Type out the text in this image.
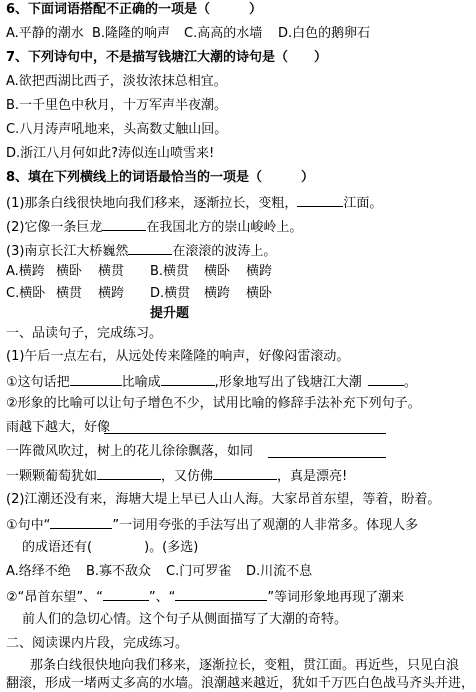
6、下面词语搭配不正确的一项是（　　　）
A.平静的潮水 B.隆隆的响声 C.高高的水墙 D.白色的鹅卵石
7、下列诗句中，不是描写钱塘江大潮的诗句是（　　）
A.欲把西湖比西子，淡妆浓抹总相宜。
B.一千里色中秋月，十万军声半夜潮。
C.八月涛声吼地来，头高数丈触山回。
D.浙江八月何如此?涛似连山喷雪来!
8、填在下列横线上的词语最恰当的一项是（　　　）
(1)那条白线很快地向我们移来，逐渐拉长，变粗，	江面。
(2)它像一条巨龙	在我国北方的崇山峻岭上。
(3)南京长江大桥巍然	在滚滚的波涛上。
A.横跨 横卧 横贯 B.横贯 横卧 横跨
C.横卧 横贯 横跨 D.横贯 横跨 横卧
提升题
一、品读句子，完成练习。
(1)午后一点左右，从远处传来隆隆的响声，好像闷雷滚动。
①这句话把	比喻成	,形象地写出了钱塘江大潮	。
②形象的比喻可以让句子增色不少，试用比喻的修辞手法补充下列句子。
雨越下越大，好像
一阵微风吹过，树上的花儿徐徐飘落，如同
一颗颗葡萄犹如	，又仿佛	，真是漂亮!
(2)江潮还没有来，海塘大堤上早已人山人海。大家昂首东望，等着，盼着。
①句中“	”一词用夸张的手法写出了观潮的人非常多。体现人多
的成语还有(	)。(多选)
A.络绎不绝 B.寡不敌众 C.门可罗雀 D.川流不息
②“昂首东望”、“	”、“	”等词形象地再现了潮来
前人们的急切心情。这个句子从侧面描写了大潮的奇特。
二、阅读课内片段，完成练习。
那条白线很快地向我们移来，逐渐拉长，变粗，贯江面。再近些，只见白浪
翻滚，形成一堵两丈多高的水墙。浪潮越来越近，犹如千万匹白色战马齐头并进，
